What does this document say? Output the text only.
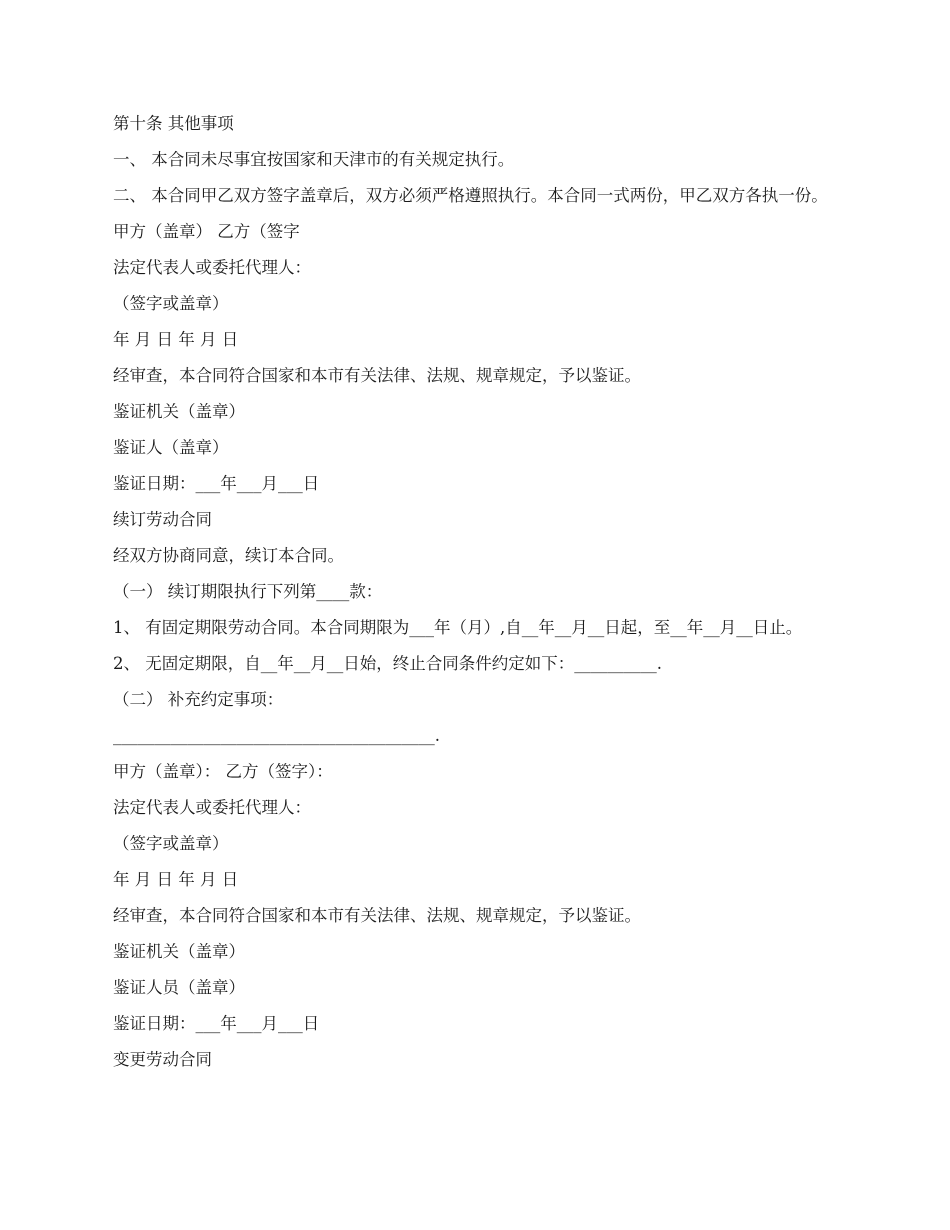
第十条 其他事项

一、 本合同未尽事宜按国家和天津市的有关规定执行。

二、 本合同甲乙双方签字盖章后，双方必须严格遵照执行。本合同一式两份，甲乙双方各执一份。

甲方（盖章） 乙方（签字

法定代表人或委托代理人：

（签字或盖章）

年 月 日 年 月 日

经审查，本合同符合国家和本市有关法律、法规、规章规定，予以鉴证。

鉴证机关（盖章）

鉴证人（盖章）

鉴证日期：___年___月___日

续订劳动合同

经双方协商同意，续订本合同。

（一） 续订期限执行下列第____款：

1、 有固定期限劳动合同。本合同期限为___年（月）,自__年__月__日起，至__年__月__日止。

2、 无固定期限，自__年__月__日始，终止合同条件约定如下：__________.

（二） 补充约定事项：

_______________________________________.

甲方（盖章）： 乙方（签字）：

法定代表人或委托代理人：

（签字或盖章）

年 月 日 年 月 日

经审查，本合同符合国家和本市有关法律、法规、规章规定，予以鉴证。

鉴证机关（盖章）

鉴证人员（盖章）

鉴证日期：___年___月___日

变更劳动合同
